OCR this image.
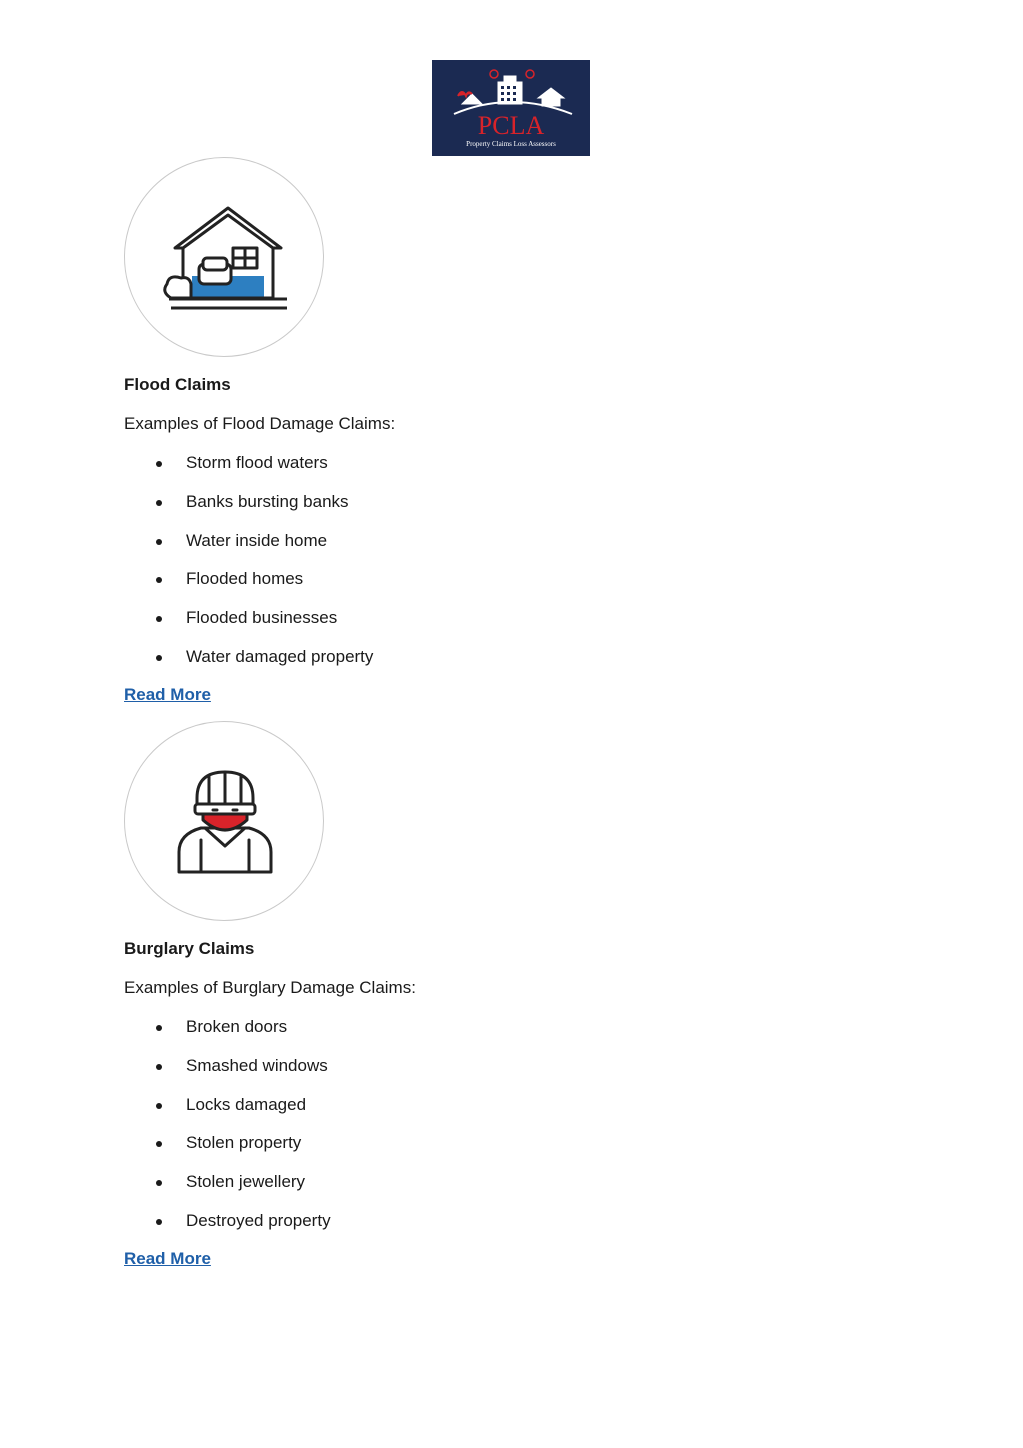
PCLA
Property Claims Loss Assessors

Flood Claims

Examples of Flood Damage Claims:

Storm flood waters
Banks bursting banks
Water inside home
Flooded homes
Flooded businesses
Water damaged property
Read More

Burglary Claims

Examples of Burglary Damage Claims:

Broken doors
Smashed windows
Locks damaged
Stolen property
Stolen jewellery
Destroyed property
Read More
